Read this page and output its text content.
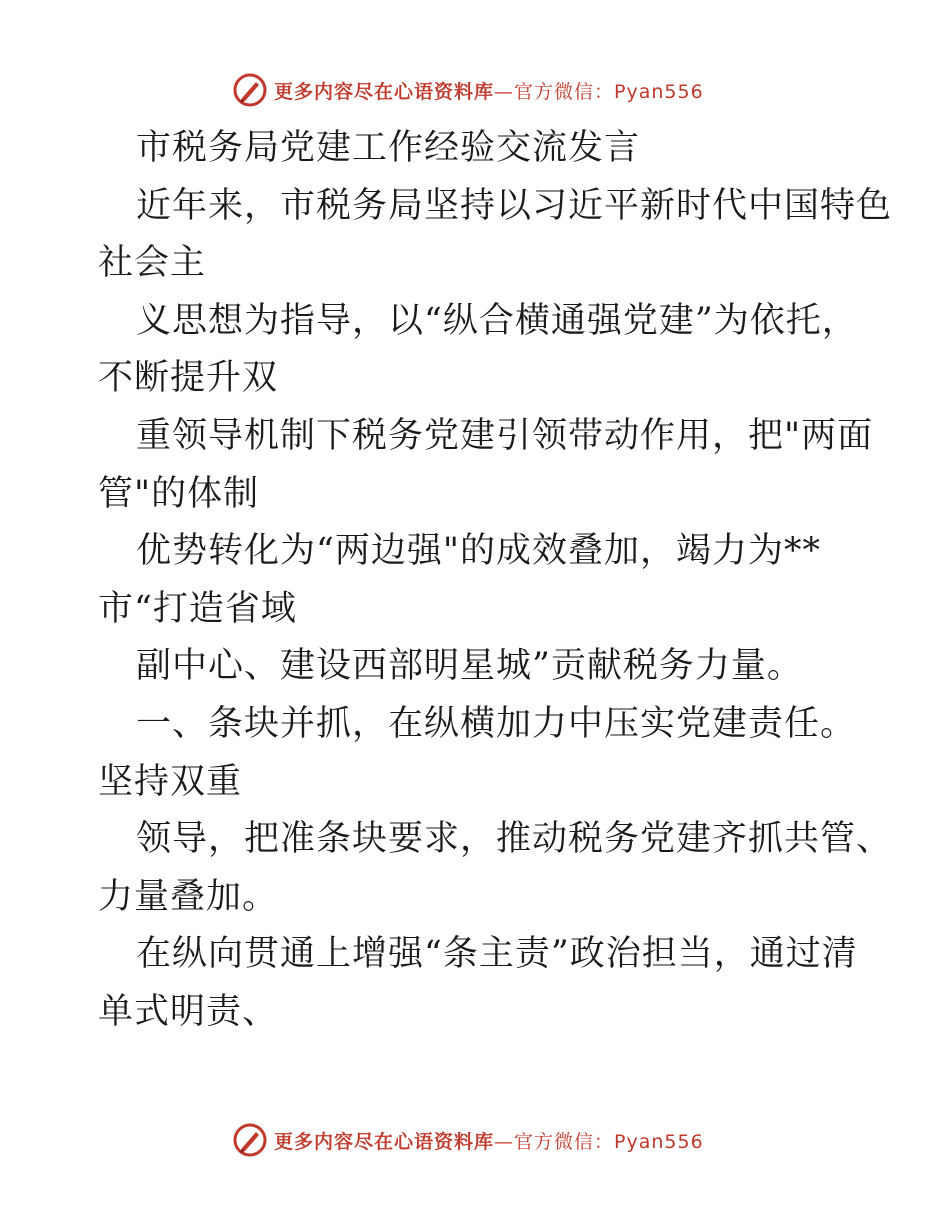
更多内容尽在心语资料库—官方微信：Pyan556
市税务局党建工作经验交流发言
近年来，市税务局坚持以习近平新时代中国特色
社会主
义思想为指导，以“纵合横通强党建”为依托，
不断提升双
重领导机制下税务党建引领带动作用，把"两面
管"的体制
优势转化为“两边强"的成效叠加，竭力为**
市“打造省域
副中心、建设西部明星城”贡献税务力量。
一、条块并抓，在纵横加力中压实党建责任。
坚持双重
领导，把准条块要求，推动税务党建齐抓共管、
力量叠加。
在纵向贯通上增强“条主责”政治担当，通过清
单式明责、
更多内容尽在心语资料库—官方微信：Pyan556
